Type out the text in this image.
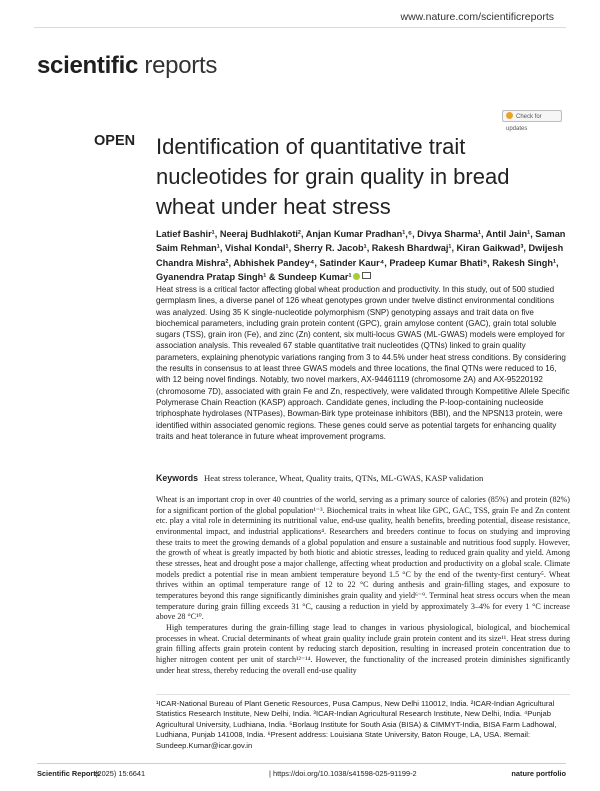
www.nature.com/scientificreports
scientific reports
OPEN
Check for updates
Identification of quantitative trait nucleotides for grain quality in bread wheat under heat stress
Latief Bashir¹, Neeraj Budhlakoti², Anjan Kumar Pradhan¹,⁶, Divya Sharma¹, Antil Jain¹, Saman Saim Rehman¹, Vishal Kondal¹, Sherry R. Jacob¹, Rakesh Bhardwaj¹, Kiran Gaikwad³, Dwijesh Chandra Mishra², Abhishek Pandey⁴, Satinder Kaur⁴, Pradeep Kumar Bhati⁵, Rakesh Singh¹, Gyanendra Pratap Singh¹ & Sundeep Kumar¹
Heat stress is a critical factor affecting global wheat production and productivity. In this study, out of 500 studied germplasm lines, a diverse panel of 126 wheat genotypes grown under twelve distinct environmental conditions was analyzed. Using 35 K single-nucleotide polymorphism (SNP) genotyping assays and trait data on five biochemical parameters, including grain protein content (GPC), grain amylose content (GAC), grain total soluble sugars (TSS), grain iron (Fe), and zinc (Zn) content, six multi-locus GWAS (ML-GWAS) models were employed for association analysis. This revealed 67 stable quantitative trait nucleotides (QTNs) linked to grain quality parameters, explaining phenotypic variations ranging from 3 to 44.5% under heat stress conditions. By considering the results in consensus to at least three GWAS models and three locations, the final QTNs were reduced to 16, with 12 being novel findings. Notably, two novel markers, AX-94461119 (chromosome 2A) and AX-95220192 (chromosome 7D), associated with grain Fe and Zn, respectively, were validated through Kompetitive Allele Specific Polymerase Chain Reaction (KASP) approach. Candidate genes, including the P-loop-containing nucleoside triphosphate hydrolases (NTPases), Bowman-Birk type proteinase inhibitors (BBI), and the NPSN13 protein, were identified within associated genomic regions. These genes could serve as potential targets for enhancing quality traits and heat tolerance in future wheat improvement programs.
Keywords Heat stress tolerance, Wheat, Quality traits, QTNs, ML-GWAS, KASP validation

Wheat is an important crop in over 40 countries of the world, serving as a primary source of calories (85%) and protein (82%) for a significant portion of the global population¹⁻³. Biochemical traits in wheat like GPC, GAC, TSS, grain Fe and Zn content etc. play a vital role in determining its nutritional value, end-use quality, health benefits, breeding potential, disease resistance, environmental impact, and industrial applications⁴. Researchers and breeders continue to focus on studying and improving these traits to meet the growing demands of a global population and ensure a sustainable and nutritious food supply. However, the growth of wheat is greatly impacted by both biotic and abiotic stresses, leading to reduced grain quality and yield. Among these stresses, heat and drought pose a major challenge, affecting wheat production and productivity on a global scale. Climate models predict a potential rise in mean ambient temperature beyond 1.5 °C by the end of the twenty-first century⁵. Wheat thrives within an optimal temperature range of 12 to 22 °C during anthesis and grain-filling stages, and exposure to temperatures beyond this range significantly diminishes grain quality and yield⁶⁻⁹. Terminal heat stress occurs when the mean temperature during grain filling exceeds 31 °C, causing a reduction in yield by approximately 3–4% for every 1 °C increase above 28 °C¹⁰.

High temperatures during the grain-filling stage lead to changes in various physiological, biological, and biochemical processes in wheat. Crucial determinants of wheat grain quality include grain protein content and its size¹¹. Heat stress during grain filling affects grain protein content by reducing starch deposition, resulting in increased protein concentration due to higher nitrogen content per unit of starch¹²⁻¹⁴. However, the functionality of the increased protein diminishes significantly under heat stress, thereby reducing the overall end-use quality

¹ICAR-National Bureau of Plant Genetic Resources, Pusa Campus, New Delhi 110012, India. ²ICAR-Indian Agricultural Statistics Research Institute, New Delhi, India. ³ICAR-Indian Agricultural Research Institute, New Delhi, India. ⁴Punjab Agricultural University, Ludhiana, India. ⁵Borlaug Institute for South Asia (BISA) & CIMMYT-India, BISA Farm Ladhowal, Ludhiana, Punjab 141008, India. ⁶Present address: Louisiana State University, Baton Rouge, LA, USA. ✉email: Sundeep.Kumar@icar.gov.in
Scientific Reports
(2025) 15:6641	| https://doi.org/10.1038/s41598-025-91199-2	nature portfolio
